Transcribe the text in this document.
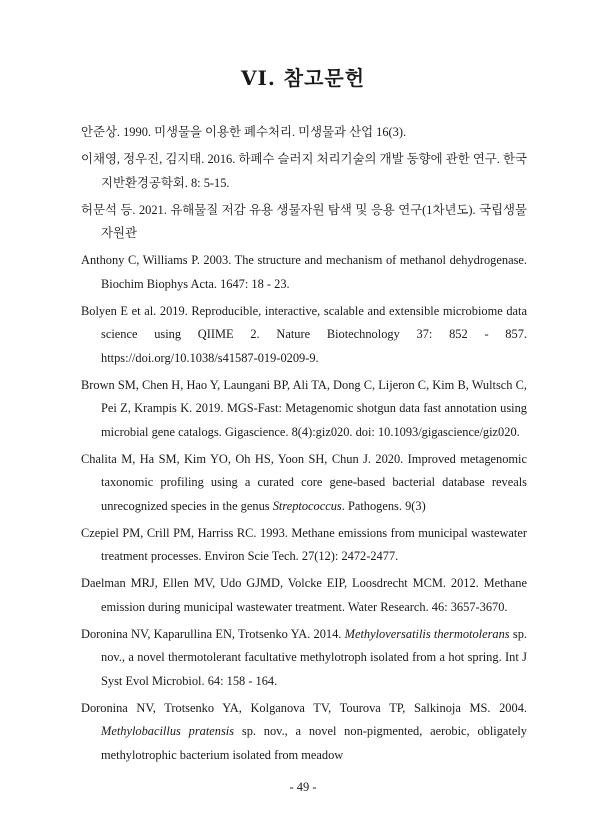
VI. 참고문헌
안준상. 1990. 미생물을 이용한 폐수처리. 미생물과 산업 16(3).
이채영, 정우진, 김지태. 2016. 하폐수 슬러지 처리기술의 개발 동향에 관한 연구. 한국지반환경공학회. 8: 5-15.
허문석 등. 2021. 유해물질 저감 유용 생물자원 탐색 및 응용 연구(1차년도). 국립생물자원관
Anthony C, Williams P. 2003. The structure and mechanism of methanol dehydrogenase. Biochim Biophys Acta. 1647: 18 - 23.
Bolyen E et al. 2019. Reproducible, interactive, scalable and extensible microbiome data science using QIIME 2. Nature Biotechnology 37: 852 - 857. https://doi.org/10.1038/s41587-019-0209-9.
Brown SM, Chen H, Hao Y, Laungani BP, Ali TA, Dong C, Lijeron C, Kim B, Wultsch C, Pei Z, Krampis K. 2019. MGS-Fast: Metagenomic shotgun data fast annotation using microbial gene catalogs. Gigascience. 8(4):giz020. doi: 10.1093/gigascience/giz020.
Chalita M, Ha SM, Kim YO, Oh HS, Yoon SH, Chun J. 2020. Improved metagenomic taxonomic profiling using a curated core gene-based bacterial database reveals unrecognized species in the genus Streptococcus. Pathogens. 9(3)
Czepiel PM, Crill PM, Harriss RC. 1993. Methane emissions from municipal wastewater treatment processes. Environ Scie Tech. 27(12): 2472-2477.
Daelman MRJ, Ellen MV, Udo GJMD, Volcke EIP, Loosdrecht MCM. 2012. Methane emission during municipal wastewater treatment. Water Research. 46: 3657-3670.
Doronina NV, Kaparullina EN, Trotsenko YA. 2014. Methyloversatilis thermotolerans sp. nov., a novel thermotolerant facultative methylotroph isolated from a hot spring. Int J Syst Evol Microbiol. 64: 158 - 164.
Doronina NV, Trotsenko YA, Kolganova TV, Tourova TP, Salkinoja MS. 2004. Methylobacillus pratensis sp. nov., a novel non-pigmented, aerobic, obligately methylotrophic bacterium isolated from meadow

- 49 -
